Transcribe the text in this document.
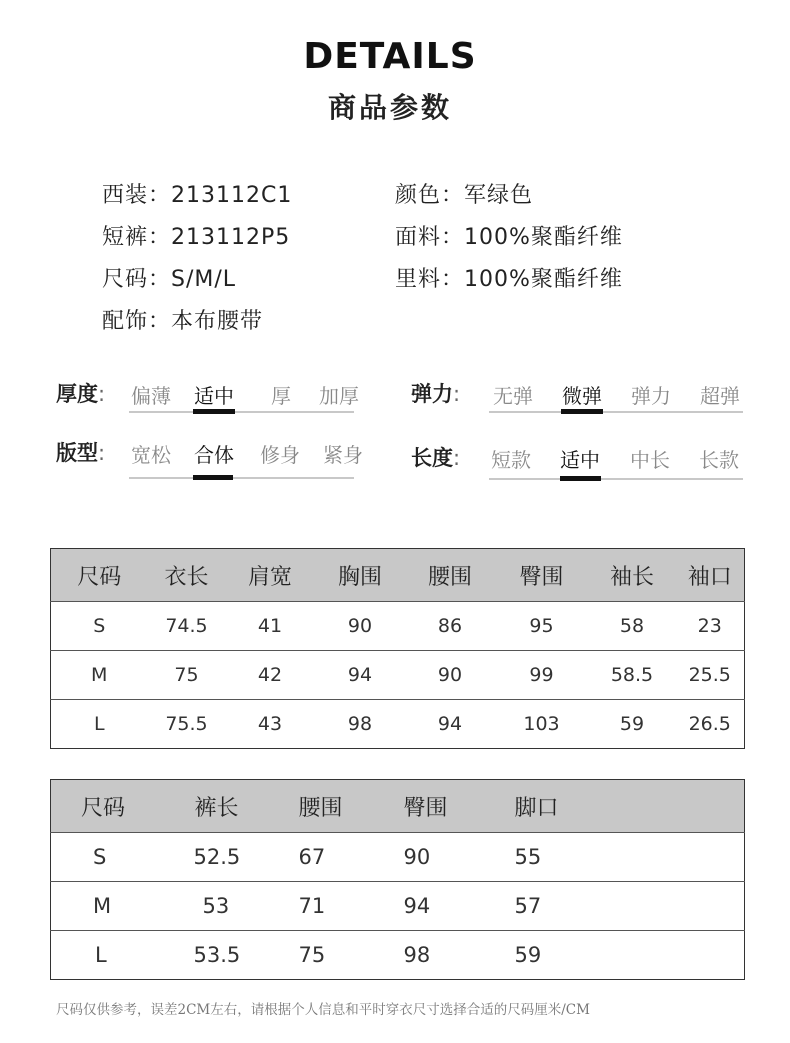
DETAILS
商品参数
西装：213112C1
短裤：213112P5
尺码：S/M/L
配饰：本布腰带
颜色：军绿色
面料：100%聚酯纤维
里料：100%聚酯纤维
厚度:	偏薄	适中	厚	加厚	弹力:	无弹	微弹	弹力	超弹
版型:	宽松	合体	修身	紧身	长度:	短款	适中	中长	长款
尺码	衣长	肩宽	胸围	腰围	臀围	袖长	袖口
S	74.5	41	90	86	95	58	23
M	75	42	94	90	99	58.5	25.5
L	75.5	43	98	94	103	59	26.5
尺码	裤长	腰围	臀围	脚口
S	52.5	67	90	55
M	53	71	94	57
L	53.5	75	98	59
尺码仅供参考，误差2CM左右，请根据个人信息和平时穿衣尺寸选择合适的尺码厘米/CM
